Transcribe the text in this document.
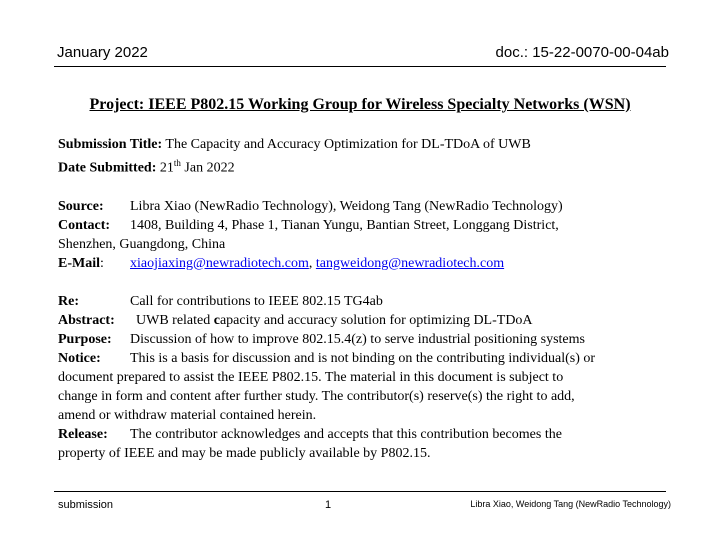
January 2022	doc.: 15-22-0070-00-04ab
Project: IEEE P802.15 Working Group for Wireless Specialty Networks (WSN)
Submission Title: The Capacity and Accuracy Optimization for DL-TDoA of UWB
Date Submitted: 21th Jan 2022
Source: Libra Xiao (NewRadio Technology), Weidong Tang (NewRadio Technology)
Contact: 1408, Building 4, Phase 1, Tianan Yungu, Bantian Street, Longgang District,
Shenzhen, Guangdong, China
E-Mail: xiaojiaxing@newradiotech.com, tangweidong@newradiotech.com
Re:	Call for contributions to IEEE 802.15 TG4ab
Abstract: UWB related capacity and accuracy solution for optimizing DL-TDoA
Purpose: Discussion of how to improve 802.15.4(z) to serve industrial positioning systems
Notice: This is a basis for discussion and is not binding on the contributing individual(s) or
document prepared to assist the IEEE P802.15. The material in this document is subject to
change in form and content after further study. The contributor(s) reserve(s) the right to add,
amend or withdraw material contained herein.
Release: The contributor acknowledges and accepts that this contribution becomes the
property of IEEE and may be made publicly available by P802.15.
submission	1	Libra Xiao, Weidong Tang (NewRadio Technology)
